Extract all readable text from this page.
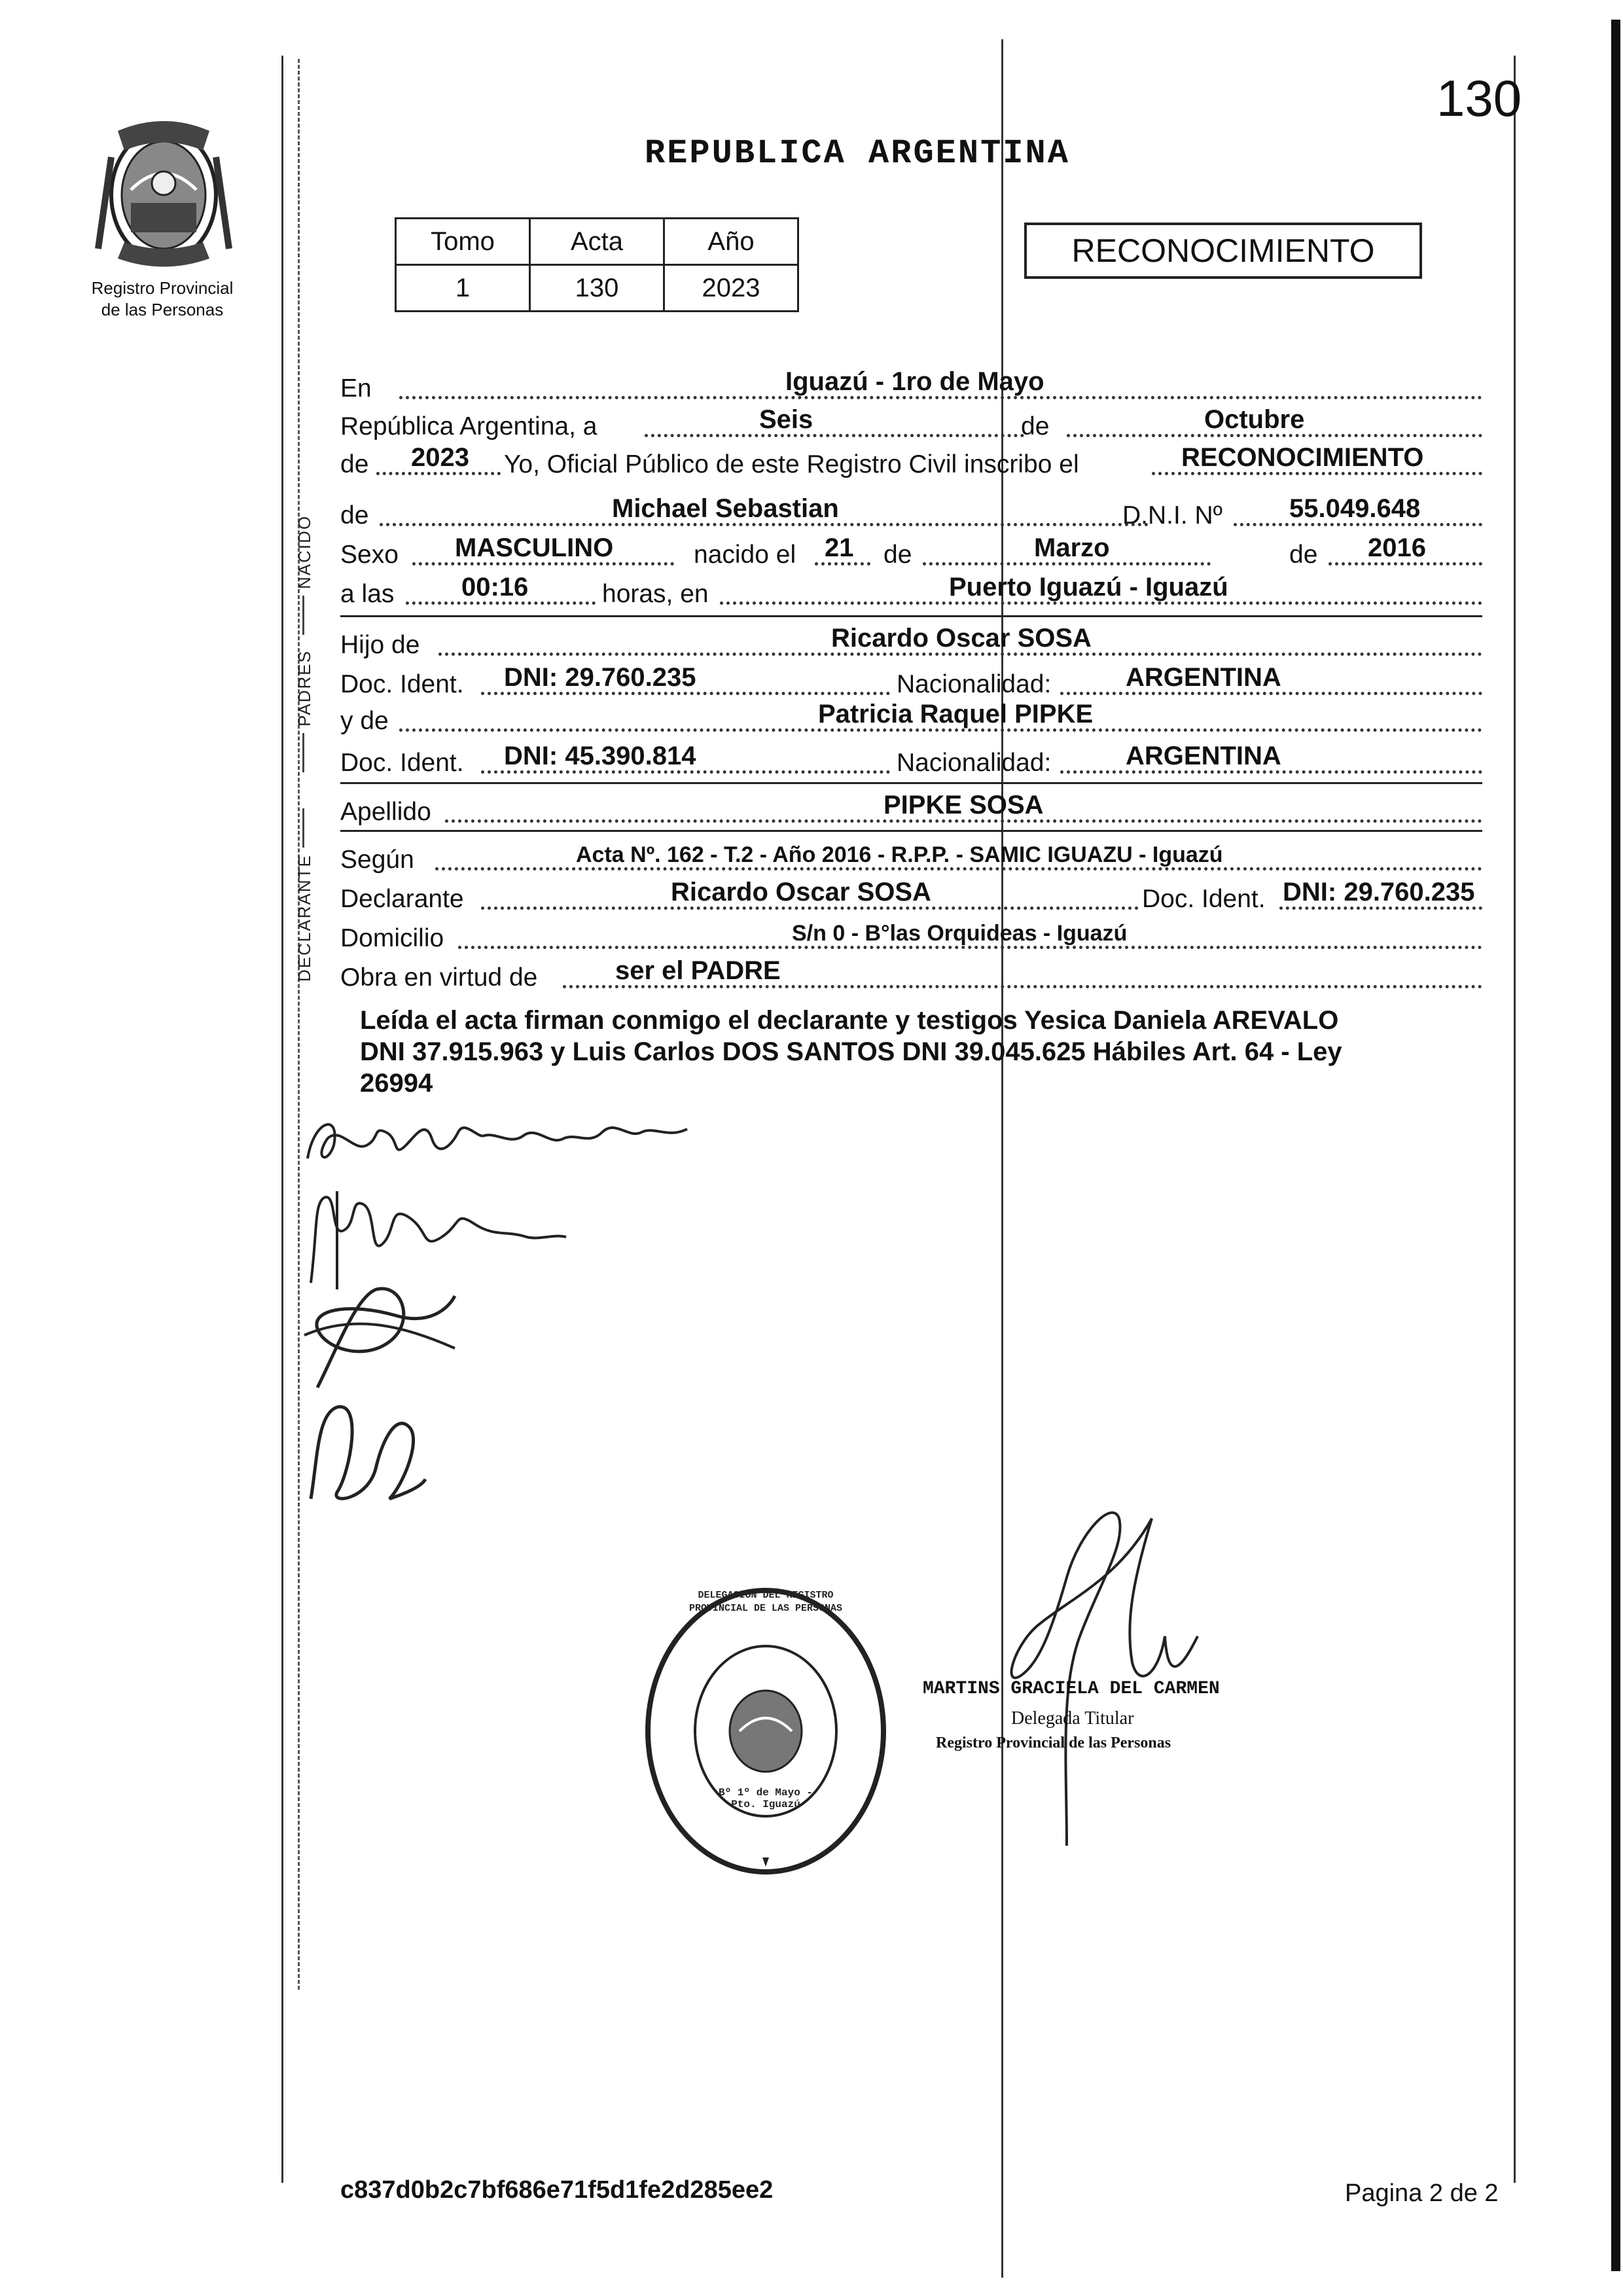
130
Registro Provincial
de las Personas
REPUBLICA ARGENTINA
Tomo	Acta	Año
1	130	2023
RECONOCIMIENTO
NACIDO
PADRES
DECLARANTE
En	Iguazú - 1ro de Mayo
República Argentina, a	Seis	de	Octubre
de 2023 Yo, Oficial Público de este Registro Civil inscribo el	RECONOCIMIENTO
de	Michael Sebastian	D.N.I. Nº	55.049.648
Sexo MASCULINO	nacido el 21 de	Marzo	de 2016
a las	00:16	horas, en	Puerto Iguazú - Iguazú
Hijo de	Ricardo Oscar SOSA
Doc. Ident. DNI: 29.760.235	Nacionalidad:	ARGENTINA
y de	Patricia Raquel PIPKE
Doc. Ident. DNI: 45.390.814	Nacionalidad:	ARGENTINA
Apellido	PIPKE SOSA
Según	Acta Nº. 162 - T.2 - Año 2016 - R.P.P. - SAMIC IGUAZU - Iguazú
Declarante	Ricardo Oscar SOSA	Doc. Ident. DNI: 29.760.235
Domicilio	S/n 0 - B°las Orquideas - Iguazú
Obra en virtud de	ser el PADRE
Leída el acta firman conmigo el declarante y testigos Yesica Daniela AREVALO
DNI 37.915.963 y Luis Carlos DOS SANTOS DNI 39.045.625 Hábiles Art. 64 - Ley
26994
DELEGACION DEL REGISTRO PROVINCIAL DE LAS PERSONAS
Bº 1º de Mayo - Pto. Iguazú
MARTINS GRACIELA DEL CARMEN
Delegada Titular
Registro Provincial de las Personas
c837d0b2c7bf686e71f5d1fe2d285ee2	Pagina 2 de 2
